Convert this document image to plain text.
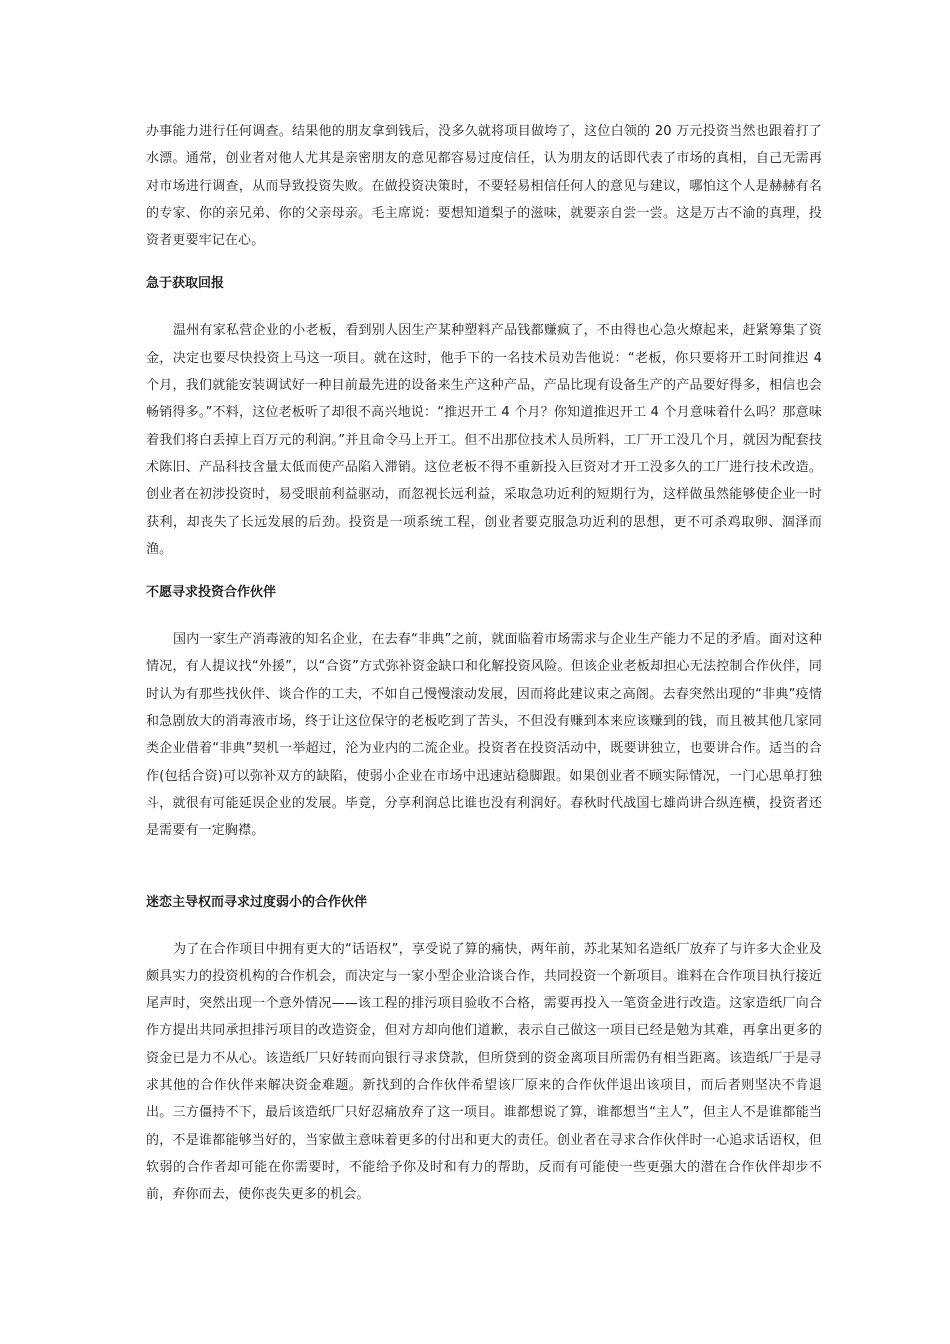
办事能力进行任何调查。结果他的朋友拿到钱后，没多久就将项目做垮了，这位白领的 20 万元投资当然也跟着打了水漂。通常，创业者对他人尤其是亲密朋友的意见都容易过度信任，认为朋友的话即代表了市场的真相，自己无需再对市场进行调查，从而导致投资失败。在做投资决策时，不要轻易相信任何人的意见与建议，哪怕这个人是赫赫有名的专家、你的亲兄弟、你的父亲母亲。毛主席说：要想知道梨子的滋味，就要亲自尝一尝。这是万古不渝的真理，投资者更要牢记在心。

急于获取回报

温州有家私营企业的小老板，看到别人因生产某种塑料产品钱都赚疯了，不由得也心急火燎起来，赶紧筹集了资金，决定也要尽快投资上马这一项目。就在这时，他手下的一名技术员劝告他说：“老板，你只要将开工时间推迟 4 个月，我们就能安装调试好一种目前最先进的设备来生产这种产品，产品比现有设备生产的产品要好得多，相信也会畅销得多。”不料，这位老板听了却很不高兴地说：“推迟开工 4 个月？你知道推迟开工 4 个月意味着什么吗？那意味着我们将白丢掉上百万元的利润。”并且命令马上开工。但不出那位技术人员所料，工厂开工没几个月，就因为配套技术陈旧、产品科技含量太低而使产品陷入滞销。这位老板不得不重新投入巨资对才开工没多久的工厂进行技术改造。创业者在初涉投资时，易受眼前利益驱动，而忽视长远利益，采取急功近利的短期行为，这样做虽然能够使企业一时获利，却丧失了长远发展的后劲。投资是一项系统工程，创业者要克服急功近利的思想，更不可杀鸡取卵、涸泽而渔。

不愿寻求投资合作伙伴

国内一家生产消毒液的知名企业，在去春“非典”之前，就面临着市场需求与企业生产能力不足的矛盾。面对这种情况，有人提议找“外援”，以“合资”方式弥补资金缺口和化解投资风险。但该企业老板却担心无法控制合作伙伴，同时认为有那些找伙伴、谈合作的工夫，不如自己慢慢滚动发展，因而将此建议束之高阁。去春突然出现的“非典”疫情和急剧放大的消毒液市场，终于让这位保守的老板吃到了苦头，不但没有赚到本来应该赚到的钱，而且被其他几家同类企业借着“非典”契机一举超过，沦为业内的二流企业。投资者在投资活动中，既要讲独立，也要讲合作。适当的合作(包括合资)可以弥补双方的缺陷，使弱小企业在市场中迅速站稳脚跟。如果创业者不顾实际情况，一门心思单打独斗，就很有可能延误企业的发展。毕竟，分享利润总比谁也没有利润好。春秋时代战国七雄尚讲合纵连横，投资者还是需要有一定胸襟。

迷恋主导权而寻求过度弱小的合作伙伴

为了在合作项目中拥有更大的“话语权”，享受说了算的痛快，两年前，苏北某知名造纸厂放弃了与许多大企业及颇具实力的投资机构的合作机会，而决定与一家小型企业洽谈合作，共同投资一个新项目。谁料在合作项目执行接近尾声时，突然出现一个意外情况——该工程的排污项目验收不合格，需要再投入一笔资金进行改造。这家造纸厂向合作方提出共同承担排污项目的改造资金，但对方却向他们道歉，表示自己做这一项目已经是勉为其难，再拿出更多的资金已是力不从心。该造纸厂只好转而向银行寻求贷款，但所贷到的资金离项目所需仍有相当距离。该造纸厂于是寻求其他的合作伙伴来解决资金难题。新找到的合作伙伴希望该厂原来的合作伙伴退出该项目，而后者则坚决不肯退出。三方僵持不下，最后该造纸厂只好忍痛放弃了这一项目。谁都想说了算，谁都想当“主人”，但主人不是谁都能当的，不是谁都能够当好的，当家做主意味着更多的付出和更大的责任。创业者在寻求合作伙伴时一心追求话语权，但软弱的合作者却可能在你需要时，不能给予你及时和有力的帮助，反而有可能使一些更强大的潜在合作伙伴却步不前，弃你而去，使你丧失更多的机会。
